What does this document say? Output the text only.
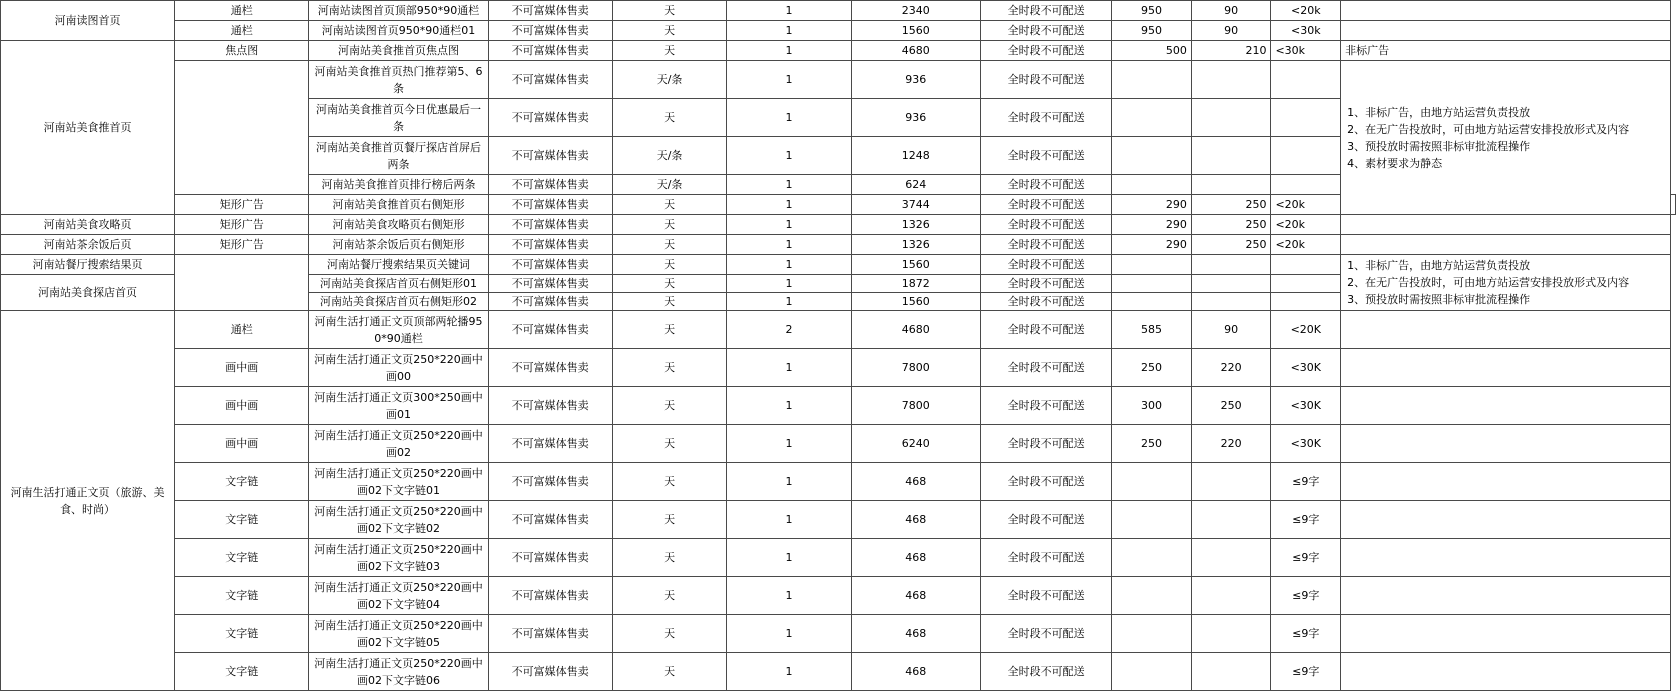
河南读图首页	通栏	河南站读图首页顶部950*90通栏	不可富媒体售卖	天	1	2340	全时段不可配送	950	90	<20k		
	通栏	河南站读图首页950*90通栏01	不可富媒体售卖	天	1	1560	全时段不可配送	950	90	<30k		
河南站美食推首页	焦点图	河南站美食推首页焦点图	不可富媒体售卖	天	1	4680	全时段不可配送	500	210	<30k	非标广告	
		河南站美食推首页热门推荐第5、6条	不可富媒体售卖	天/条	1	936	全时段不可配送				1、非标广告，由地方站运营负责投放
2、在无广告投放时，可由地方站运营安排投放形式及内容
3、预投放时需按照非标审批流程操作
4、素材要求为静态	

		河南站美食推首页今日优惠最后一条	不可富媒体售卖	天	1	936	全时段不可配送					
		河南站美食推首页餐厅探店首屏后两条	不可富媒体售卖	天/条	1	1248	全时段不可配送					
		河南站美食推首页排行榜后两条	不可富媒体售卖	天/条	1	624	全时段不可配送					
	矩形广告	河南站美食推首页右侧矩形	不可富媒体售卖	天	1	3744	全时段不可配送	290	250	<20k		
河南站美食攻略页	矩形广告	河南站美食攻略页右侧矩形	不可富媒体售卖	天	1	1326	全时段不可配送	290	250	<20k		
河南站茶余饭后页	矩形广告	河南站茶余饭后页右侧矩形	不可富媒体售卖	天	1	1326	全时段不可配送	290	250	<20k		
河南站餐厅搜索结果页		河南站餐厅搜索结果页关键词	不可富媒体售卖	天	1	1560	全时段不可配送				1、非标广告，由地方站运营负责投放
2、在无广告投放时，可由地方站运营安排投放形式及内容
3、预投放时需按照非标审批流程操作	

河南站美食探店首页		河南站美食探店首页右侧矩形01	不可富媒体售卖	天	1	1872	全时段不可配送					
		河南站美食探店首页右侧矩形02	不可富媒体售卖	天	1	1560	全时段不可配送					
河南生活打通正文页（旅游、美食、时尚）	通栏	河南生活打通正文页顶部两轮播950*90通栏	不可富媒体售卖	天	2	4680	全时段不可配送	585	90	<20K		
	画中画	河南生活打通正文页250*220画中画00	不可富媒体售卖	天	1	7800	全时段不可配送	250	220	<30K		
	画中画	河南生活打通正文页300*250画中画01	不可富媒体售卖	天	1	7800	全时段不可配送	300	250	<30K		
	画中画	河南生活打通正文页250*220画中画02	不可富媒体售卖	天	1	6240	全时段不可配送	250	220	<30K		
	文字链	河南生活打通正文页250*220画中画02下文字链01	不可富媒体售卖	天	1	468	全时段不可配送			≤9字		
	文字链	河南生活打通正文页250*220画中画02下文字链02	不可富媒体售卖	天	1	468	全时段不可配送			≤9字		
	文字链	河南生活打通正文页250*220画中画02下文字链03	不可富媒体售卖	天	1	468	全时段不可配送			≤9字		
	文字链	河南生活打通正文页250*220画中画02下文字链04	不可富媒体售卖	天	1	468	全时段不可配送			≤9字		
	文字链	河南生活打通正文页250*220画中画02下文字链05	不可富媒体售卖	天	1	468	全时段不可配送			≤9字		
	文字链	河南生活打通正文页250*220画中画02下文字链06	不可富媒体售卖	天	1	468	全时段不可配送			≤9字		
